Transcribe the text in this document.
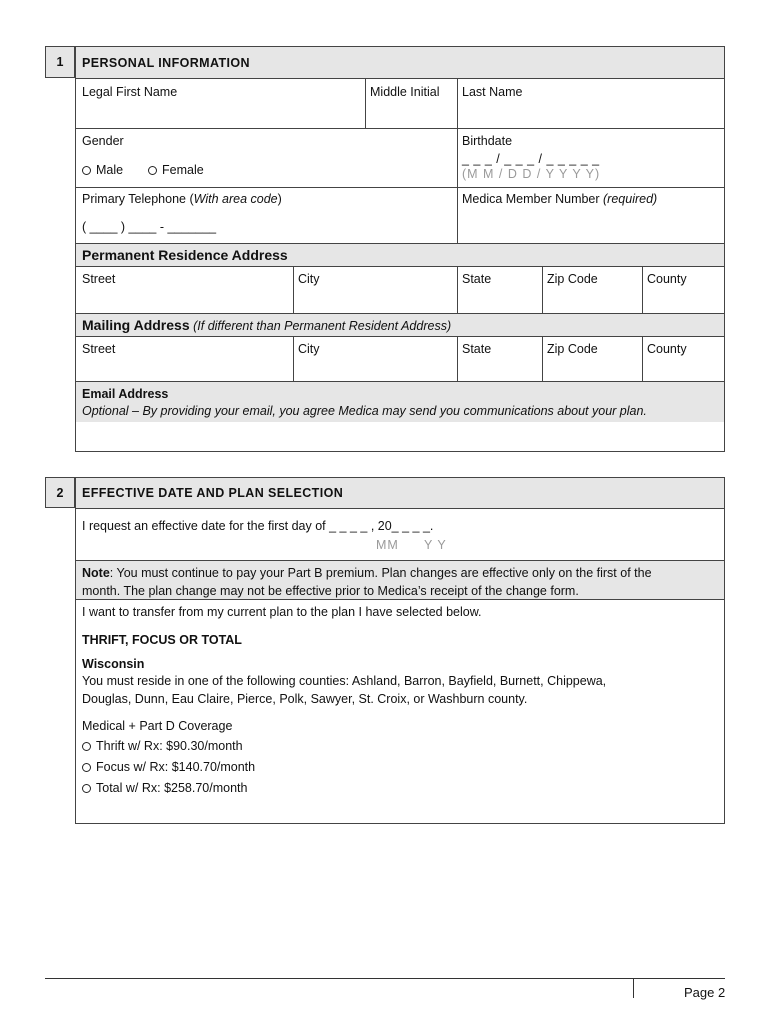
1 PERSONAL INFORMATION
Legal First Name	Middle Initial Last Name
Gender
Male	Female
Birthdate
_ _ _ / _ _ _ / _ _ _ _ _
(M M / D D / Y Y Y Y)
Primary Telephone (With area code)
( ____ ) ____ - _______
Medica Member Number (required)
Permanent Residence Address
Street	City	State	Zip Code	County
Mailing Address (If different than Permanent Resident Address)
Street	City	State	Zip Code	County
Email Address
Optional – By providing your email, you agree Medica may send you communications about your plan.
2 EFFECTIVE DATE AND PLAN SELECTION
I request an effective date for the first day of _ _ _ _ , 20_ _ _ _.
MM Y Y
Note: You must continue to pay your Part B premium. Plan changes are effective only on the first of the
month. The plan change may not be effective prior to Medica’s receipt of the change form.
I want to transfer from my current plan to the plan I have selected below.
THRIFT, FOCUS OR TOTAL
Wisconsin
You must reside in one of the following counties: Ashland, Barron, Bayfield, Burnett, Chippewa,
Douglas, Dunn, Eau Claire, Pierce, Polk, Sawyer, St. Croix, or Washburn county.
Medical + Part D Coverage
Thrift w/ Rx: $90.30/month
Focus w/ Rx: $140.70/month
Total w/ Rx: $258.70/month
Page 2
